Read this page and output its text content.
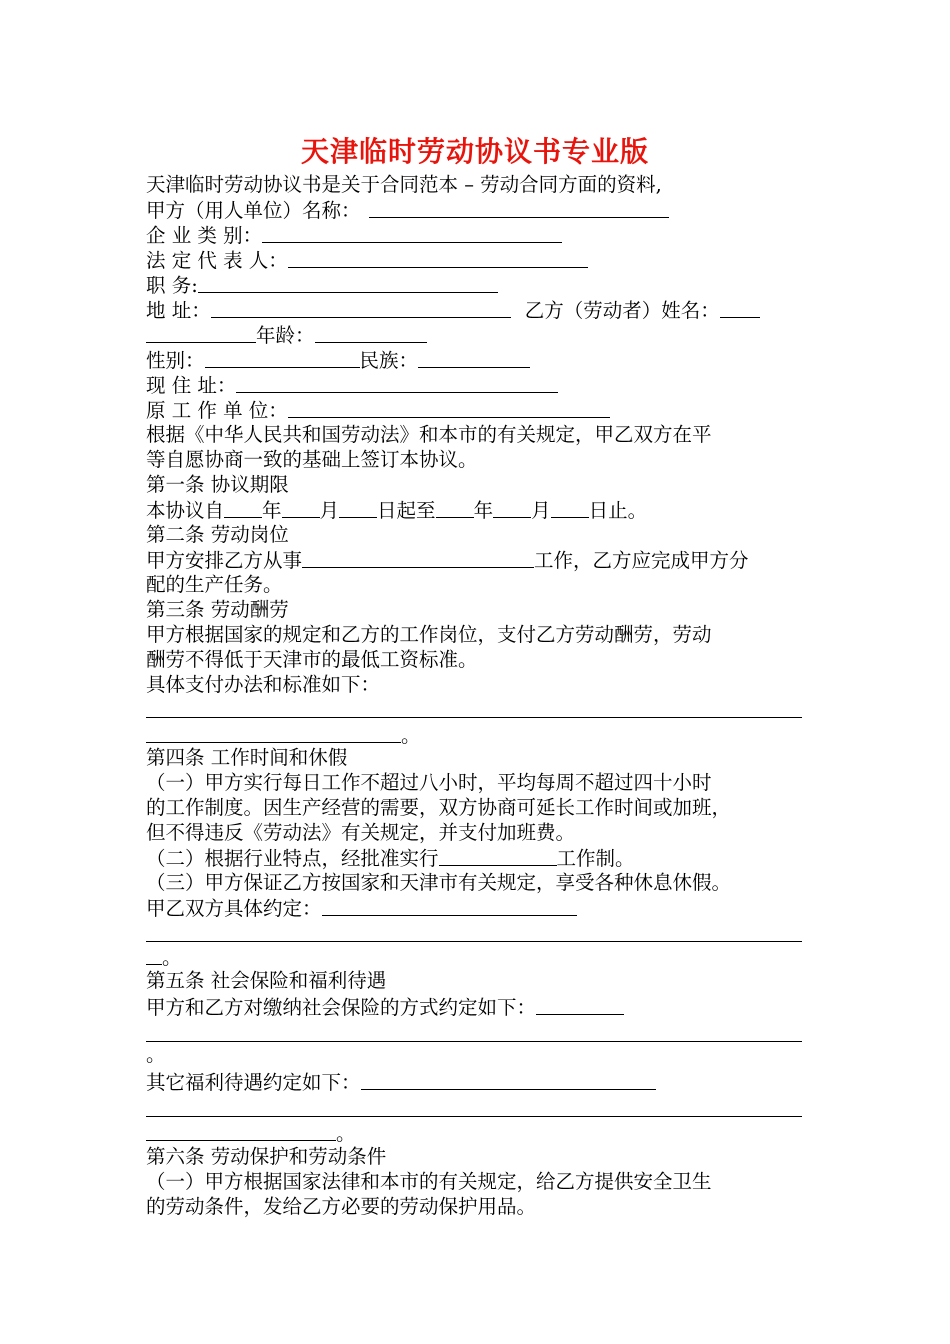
天津临时劳动协议书专业版
天津临时劳动协议书是关于合同范本 – 劳动合同方面的资料,
甲方（用人单位）名称：
企 业 类 别：
法 定 代 表 人：
职 务:
地 址：	乙方（劳动者）姓名：
年龄：
性别：	民族：
现 住 址：
原 工 作 单 位：
根据《中华人民共和国劳动法》和本市的有关规定，甲乙双方在平
等自愿协商一致的基础上签订本协议。
第一条 协议期限
本协议自 年 月 日起至 年 月 日止。
第二条 劳动岗位
甲方安排乙方从事	工作，乙方应完成甲方分
配的生产任务。
第三条 劳动酬劳
甲方根据国家的规定和乙方的工作岗位，支付乙方劳动酬劳，劳动
酬劳不得低于天津市的最低工资标准。
具体支付办法和标准如下：
。
第四条 工作时间和休假
（一）甲方实行每日工作不超过八小时，平均每周不超过四十小时
的工作制度。因生产经营的需要，双方协商可延长工作时间或加班，
但不得违反《劳动法》有关规定，并支付加班费。
（二）根据行业特点，经批准实行	工作制。
（三）甲方保证乙方按国家和天津市有关规定，享受各种休息休假。
甲乙双方具体约定：
。
第五条 社会保险和福利待遇
甲方和乙方对缴纳社会保险的方式约定如下：
。
其它福利待遇约定如下：
。
第六条 劳动保护和劳动条件
（一）甲方根据国家法律和本市的有关规定，给乙方提供安全卫生
的劳动条件，发给乙方必要的劳动保护用品。
